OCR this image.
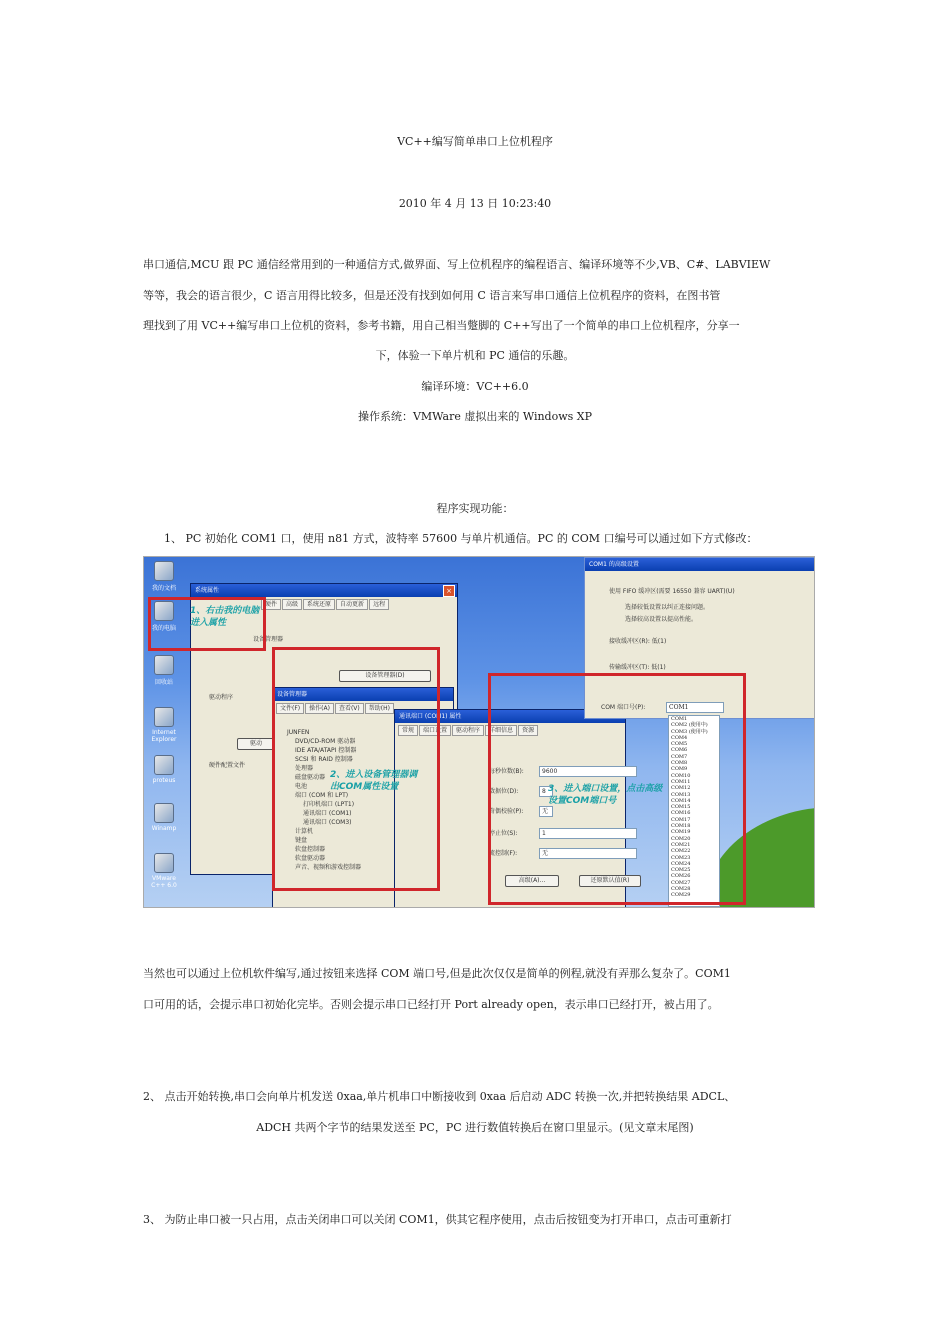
VC++编写简单串口上位机程序
2010 年 4 月 13 日 10:23:40
串口通信,MCU 跟 PC 通信经常用到的一种通信方式,做界面、写上位机程序的编程语言、编译环境等不少,VB、C#、LABVIEW
等等，我会的语言很少，C 语言用得比较多，但是还没有找到如何用 C 语言来写串口通信上位机程序的资料，在图书管
理找到了用 VC++编写串口上位机的资料，参考书籍，用自己相当蹩脚的 C++写出了一个简单的串口上位机程序，分享一
下，体验一下单片机和 PC 通信的乐趣。
编译环境：VC++6.0
操作系统：VMWare 虚拟出来的 Windows XP
程序实现功能：
1、 PC 初始化 COM1 口，使用 n81 方式，波特率 57600 与单片机通信。PC 的 COM 口编号可以通过如下方式修改：
我的文档
我的电脑
回收站
Internet Explorer
proteus
Winamp
VMware C++ 6.0
系统属性	×
硬件	高级	系统还原	自动更新	远程
设备管理器
设备管理器(D)
驱动程序
驱动
硬件配置文件
设备管理器
文件(F)	操作(A)	查看(V)	帮助(H)
JUNFEN
DVD/CD-ROM 驱动器
IDE ATA/ATAPI 控制器
SCSI 和 RAID 控制器
处理器
磁盘驱动器
电池
端口 (COM 和 LPT)
打印机端口 (LPT1)
通讯端口 (COM1)
通讯端口 (COM3)
计算机
键盘
软盘控制器
软盘驱动器
声音、视频和游戏控制器
通讯端口 (COM1) 属性
常规	端口设置	驱动程序	详细信息	资源
每秒位数(B):	9600
数据位(D):	8
奇偶校验(P):	无
停止位(S):	1
流控制(F):	无
高级(A)...	还原默认值(R)
COM1 的高级设置
使用 FIFO 缓冲区(需要 16550 兼容 UART)(U)
选择较低设置以纠正连接问题。
选择较高设置以提高性能。
接收缓冲区(R): 低(1)
传输缓冲区(T): 低(1)
COM 端口号(P):	COM1
COM1
COM2 (使用中)
COM3 (使用中)
COM4
COM5
COM6
COM7
COM8
COM9
COM10
COM11
COM12
COM13
COM14
COM15
COM16
COM17
COM18
COM19
COM20
COM21
COM22
COM23
COM24
COM25
COM26
COM27
COM28
COM29
1、右击我的电脑进入属性
2、进入设备管理器调出COM属性设置	3、进入端口设置，点击高级设置COM端口号
当然也可以通过上位机软件编写,通过按钮来选择 COM 端口号,但是此次仅仅是简单的例程,就没有弄那么复杂了。COM1
口可用的话，会提示串口初始化完毕。否则会提示串口已经打开 Port already open，表示串口已经打开，被占用了。
2、 点击开始转换,串口会向单片机发送 0xaa,单片机串口中断接收到 0xaa 后启动 ADC 转换一次,并把转换结果 ADCL、
ADCH 共两个字节的结果发送至 PC，PC 进行数值转换后在窗口里显示。(见文章末尾图)
3、 为防止串口被一只占用，点击关闭串口可以关闭 COM1，供其它程序使用，点击后按钮变为打开串口，点击可重新打
